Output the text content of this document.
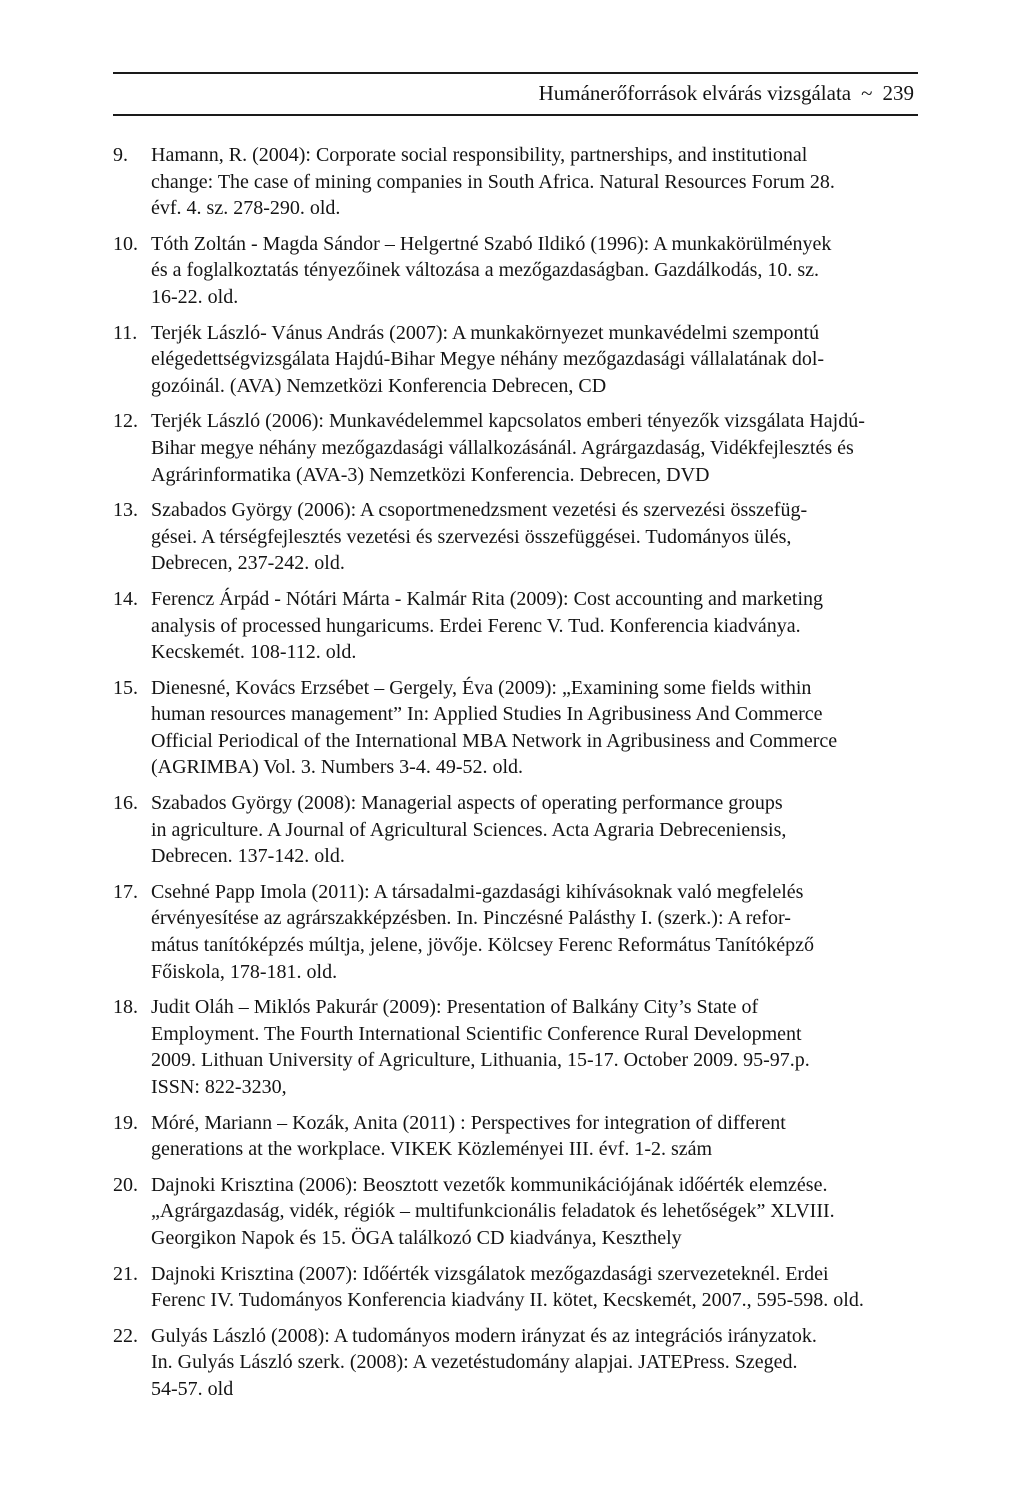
Humánerőforrások elvárás vizsgálata ~ 239
9. Hamann, R. (2004): Corporate social responsibility, partnerships, and institutional
change: The case of mining companies in South Africa. Natural Resources Forum 28.
évf. 4. sz. 278-290. old.
10. Tóth Zoltán - Magda Sándor – Helgertné Szabó Ildikó (1996): A munkakörülmények
és a foglalkoztatás tényezőinek változása a mezőgazdaságban. Gazdálkodás, 10. sz.
16-22. old.
11. Terjék László- Vánus András (2007): A munkakörnyezet munkavédelmi szempontú
elégedettségvizsgálata Hajdú-Bihar Megye néhány mezőgazdasági vállalatának dol-
gozóinál. (AVA) Nemzetközi Konferencia Debrecen, CD
12. Terjék László (2006): Munkavédelemmel kapcsolatos emberi tényezők vizsgálata Hajdú-
Bihar megye néhány mezőgazdasági vállalkozásánál. Agrárgazdaság, Vidékfejlesztés és
Agrárinformatika (AVA-3) Nemzetközi Konferencia. Debrecen, DVD
13. Szabados György (2006): A csoportmenedzsment vezetési és szervezési összefüg-
gései. A térségfejlesztés vezetési és szervezési összefüggései. Tudományos ülés,
Debrecen, 237-242. old.
14. Ferencz Árpád - Nótári Márta - Kalmár Rita (2009): Cost accounting and marketing
analysis of processed hungaricums. Erdei Ferenc V. Tud. Konferencia kiadványa.
Kecskemét. 108-112. old.
15. Dienesné, Kovács Erzsébet – Gergely, Éva (2009): „Examining some fields within
human resources management” In: Applied Studies In Agribusiness And Commerce
Official Periodical of the International MBA Network in Agribusiness and Commerce
(AGRIMBA) Vol. 3. Numbers 3-4. 49-52. old.
16. Szabados György (2008): Managerial aspects of operating performance groups
in agriculture. A Journal of Agricultural Sciences. Acta Agraria Debreceniensis,
Debrecen. 137-142. old.
17. Csehné Papp Imola (2011): A társadalmi-gazdasági kihívásoknak való megfelelés
érvényesítése az agrárszakképzésben. In. Pinczésné Palásthy I. (szerk.): A refor-
mátus tanítóképzés múltja, jelene, jövője. Kölcsey Ferenc Református Tanítóképző
Főiskola, 178-181. old.
18. Judit Oláh – Miklós Pakurár (2009): Presentation of Balkány City’s State of
Employment. The Fourth International Scientific Conference Rural Development
2009. Lithuan University of Agriculture, Lithuania, 15-17. October 2009. 95-97.p.
ISSN: 822-3230,
19. Móré, Mariann – Kozák, Anita (2011) : Perspectives for integration of different
generations at the workplace. VIKEK Közleményei III. évf. 1-2. szám
20. Dajnoki Krisztina (2006): Beosztott vezetők kommunikációjának időérték elemzése.
„Agrárgazdaság, vidék, régiók – multifunkcionális feladatok és lehetőségek” XLVIII.
Georgikon Napok és 15. ÖGA találkozó CD kiadványa, Keszthely
21. Dajnoki Krisztina (2007): Időérték vizsgálatok mezőgazdasági szervezeteknél. Erdei
Ferenc IV. Tudományos Konferencia kiadvány II. kötet, Kecskemét, 2007., 595-598. old.
22. Gulyás László (2008): A tudományos modern irányzat és az integrációs irányzatok.
In. Gulyás László szerk. (2008): A vezetéstudomány alapjai. JATEPress. Szeged.
54-57. old
